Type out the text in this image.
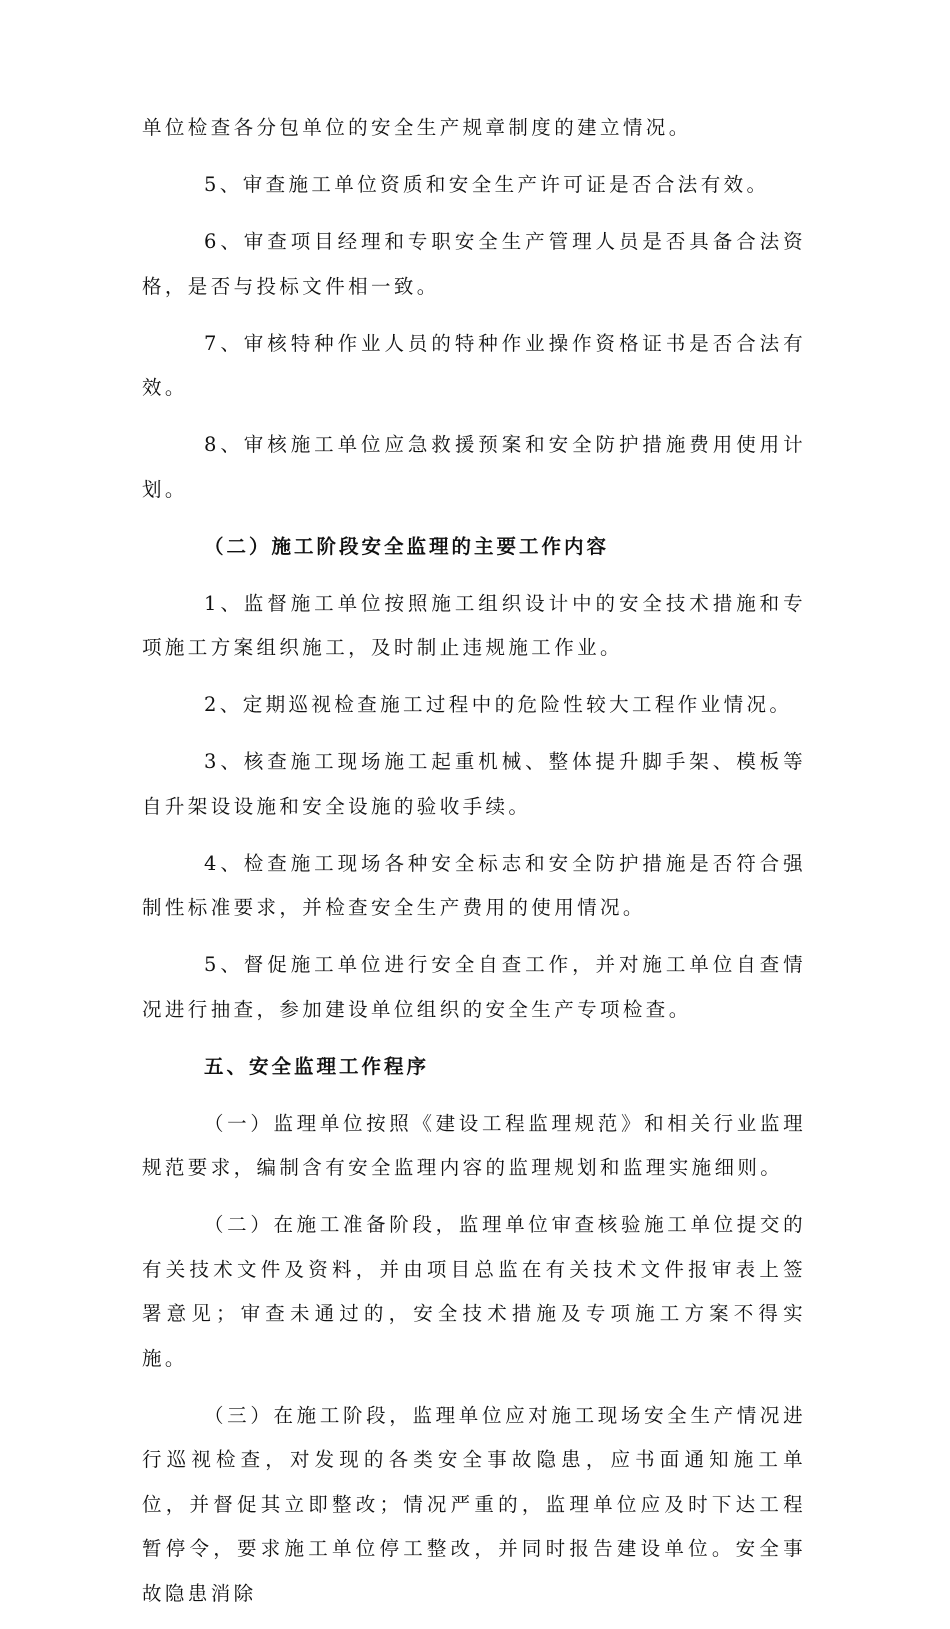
单位检查各分包单位的安全生产规章制度的建立情况。

5、审查施工单位资质和安全生产许可证是否合法有效。

6、审查项目经理和专职安全生产管理人员是否具备合法资格，是否与投标文件相一致。

7、审核特种作业人员的特种作业操作资格证书是否合法有效。

8、审核施工单位应急救援预案和安全防护措施费用使用计划。

（二）施工阶段安全监理的主要工作内容

1、监督施工单位按照施工组织设计中的安全技术措施和专项施工方案组织施工，及时制止违规施工作业。

2、定期巡视检查施工过程中的危险性较大工程作业情况。

3、核查施工现场施工起重机械、整体提升脚手架、模板等自升架设设施和安全设施的验收手续。

4、检查施工现场各种安全标志和安全防护措施是否符合强制性标准要求，并检查安全生产费用的使用情况。

5、督促施工单位进行安全自查工作，并对施工单位自查情况进行抽查，参加建设单位组织的安全生产专项检查。

五、安全监理工作程序

（一）监理单位按照《建设工程监理规范》和相关行业监理规范要求，编制含有安全监理内容的监理规划和监理实施细则。

（二）在施工准备阶段，监理单位审查核验施工单位提交的有关技术文件及资料，并由项目总监在有关技术文件报审表上签署意见；审查未通过的，安全技术措施及专项施工方案不得实施。

（三）在施工阶段，监理单位应对施工现场安全生产情况进行巡视检查，对发现的各类安全事故隐患，应书面通知施工单位，并督促其立即整改；情况严重的，监理单位应及时下达工程暂停令，要求施工单位停工整改，并同时报告建设单位。安全事故隐患消除
